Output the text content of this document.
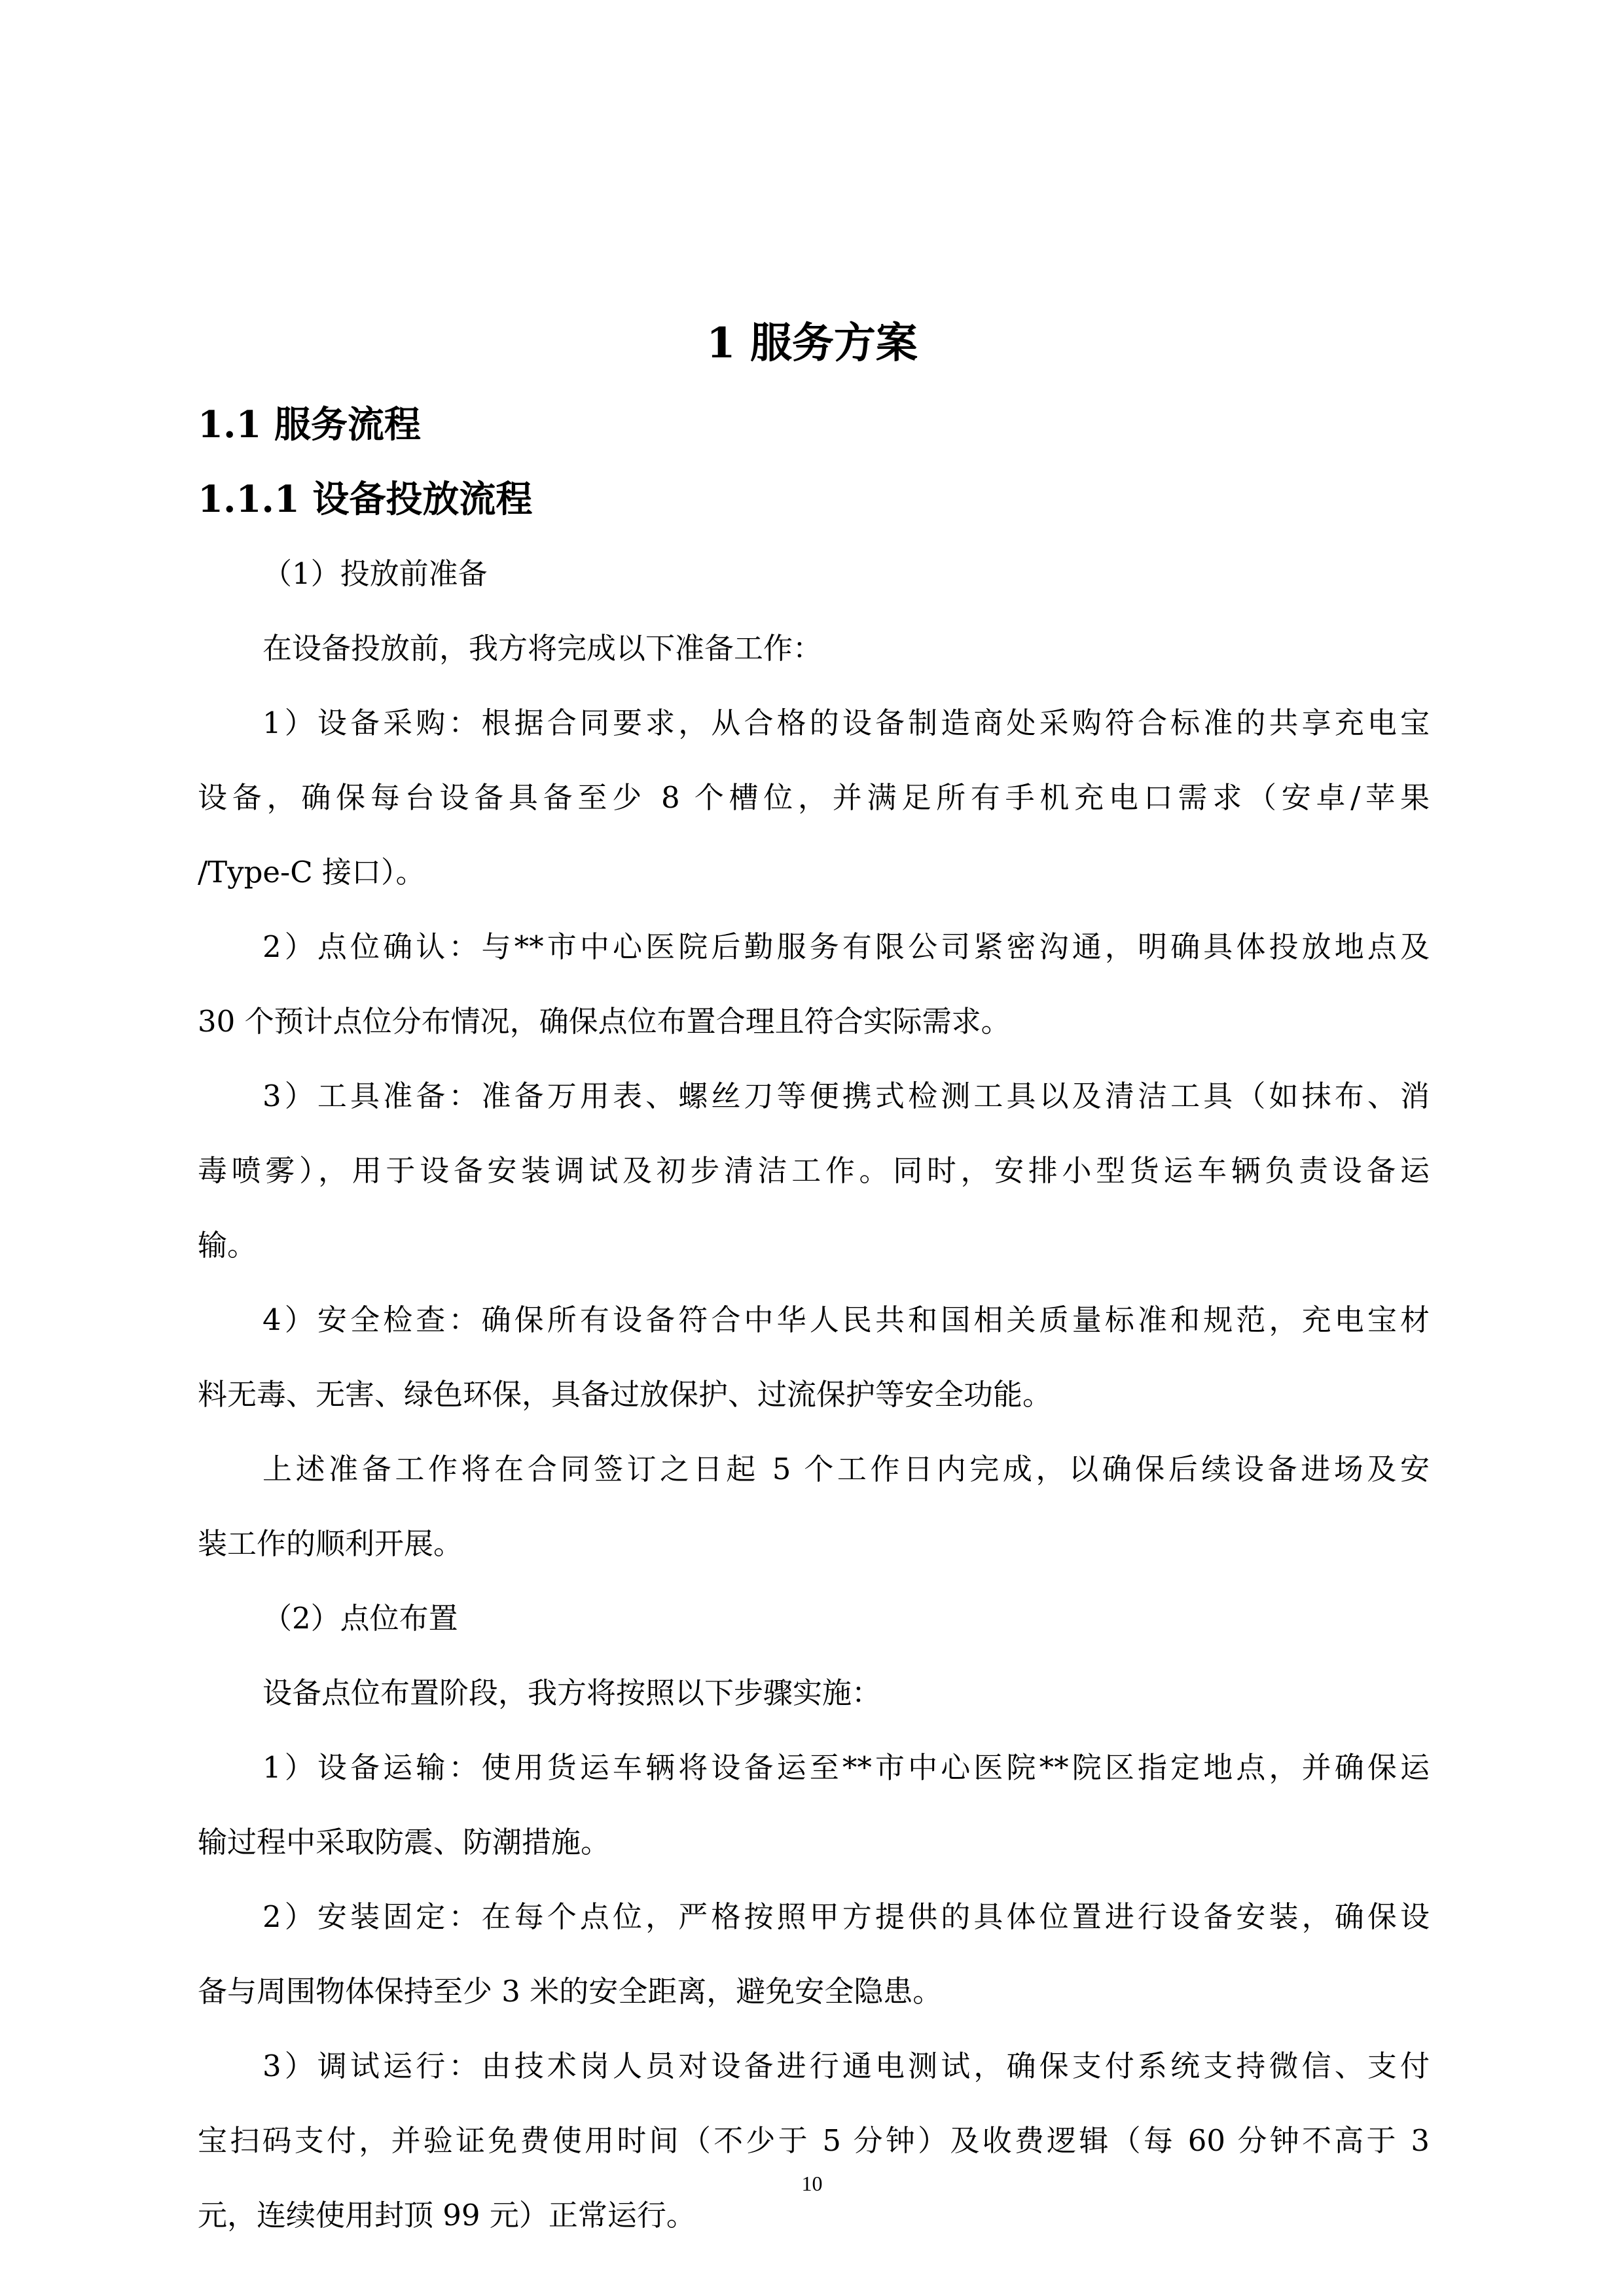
1 服务方案
1.1 服务流程
1.1.1 设备投放流程
（1）投放前准备
在设备投放前，我方将完成以下准备工作：
1）设备采购：根据合同要求，从合格的设备制造商处采购符合标准的共享充电宝
设备，确保每台设备具备至少 8 个槽位，并满足所有手机充电口需求（安卓/苹果
/Type-C 接口）。
2）点位确认：与**市中心医院后勤服务有限公司紧密沟通，明确具体投放地点及
30 个预计点位分布情况，确保点位布置合理且符合实际需求。
3）工具准备：准备万用表、螺丝刀等便携式检测工具以及清洁工具（如抹布、消
毒喷雾），用于设备安装调试及初步清洁工作。同时，安排小型货运车辆负责设备运
输。
4）安全检查：确保所有设备符合中华人民共和国相关质量标准和规范，充电宝材
料无毒、无害、绿色环保，具备过放保护、过流保护等安全功能。
上述准备工作将在合同签订之日起 5 个工作日内完成，以确保后续设备进场及安
装工作的顺利开展。
（2）点位布置
设备点位布置阶段，我方将按照以下步骤实施：
1）设备运输：使用货运车辆将设备运至**市中心医院**院区指定地点，并确保运
输过程中采取防震、防潮措施。
2）安装固定：在每个点位，严格按照甲方提供的具体位置进行设备安装，确保设
备与周围物体保持至少 3 米的安全距离，避免安全隐患。
3）调试运行：由技术岗人员对设备进行通电测试，确保支付系统支持微信、支付
宝扫码支付，并验证免费使用时间（不少于 5 分钟）及收费逻辑（每 60 分钟不高于 3
元，连续使用封顶 99 元）正常运行。
10
